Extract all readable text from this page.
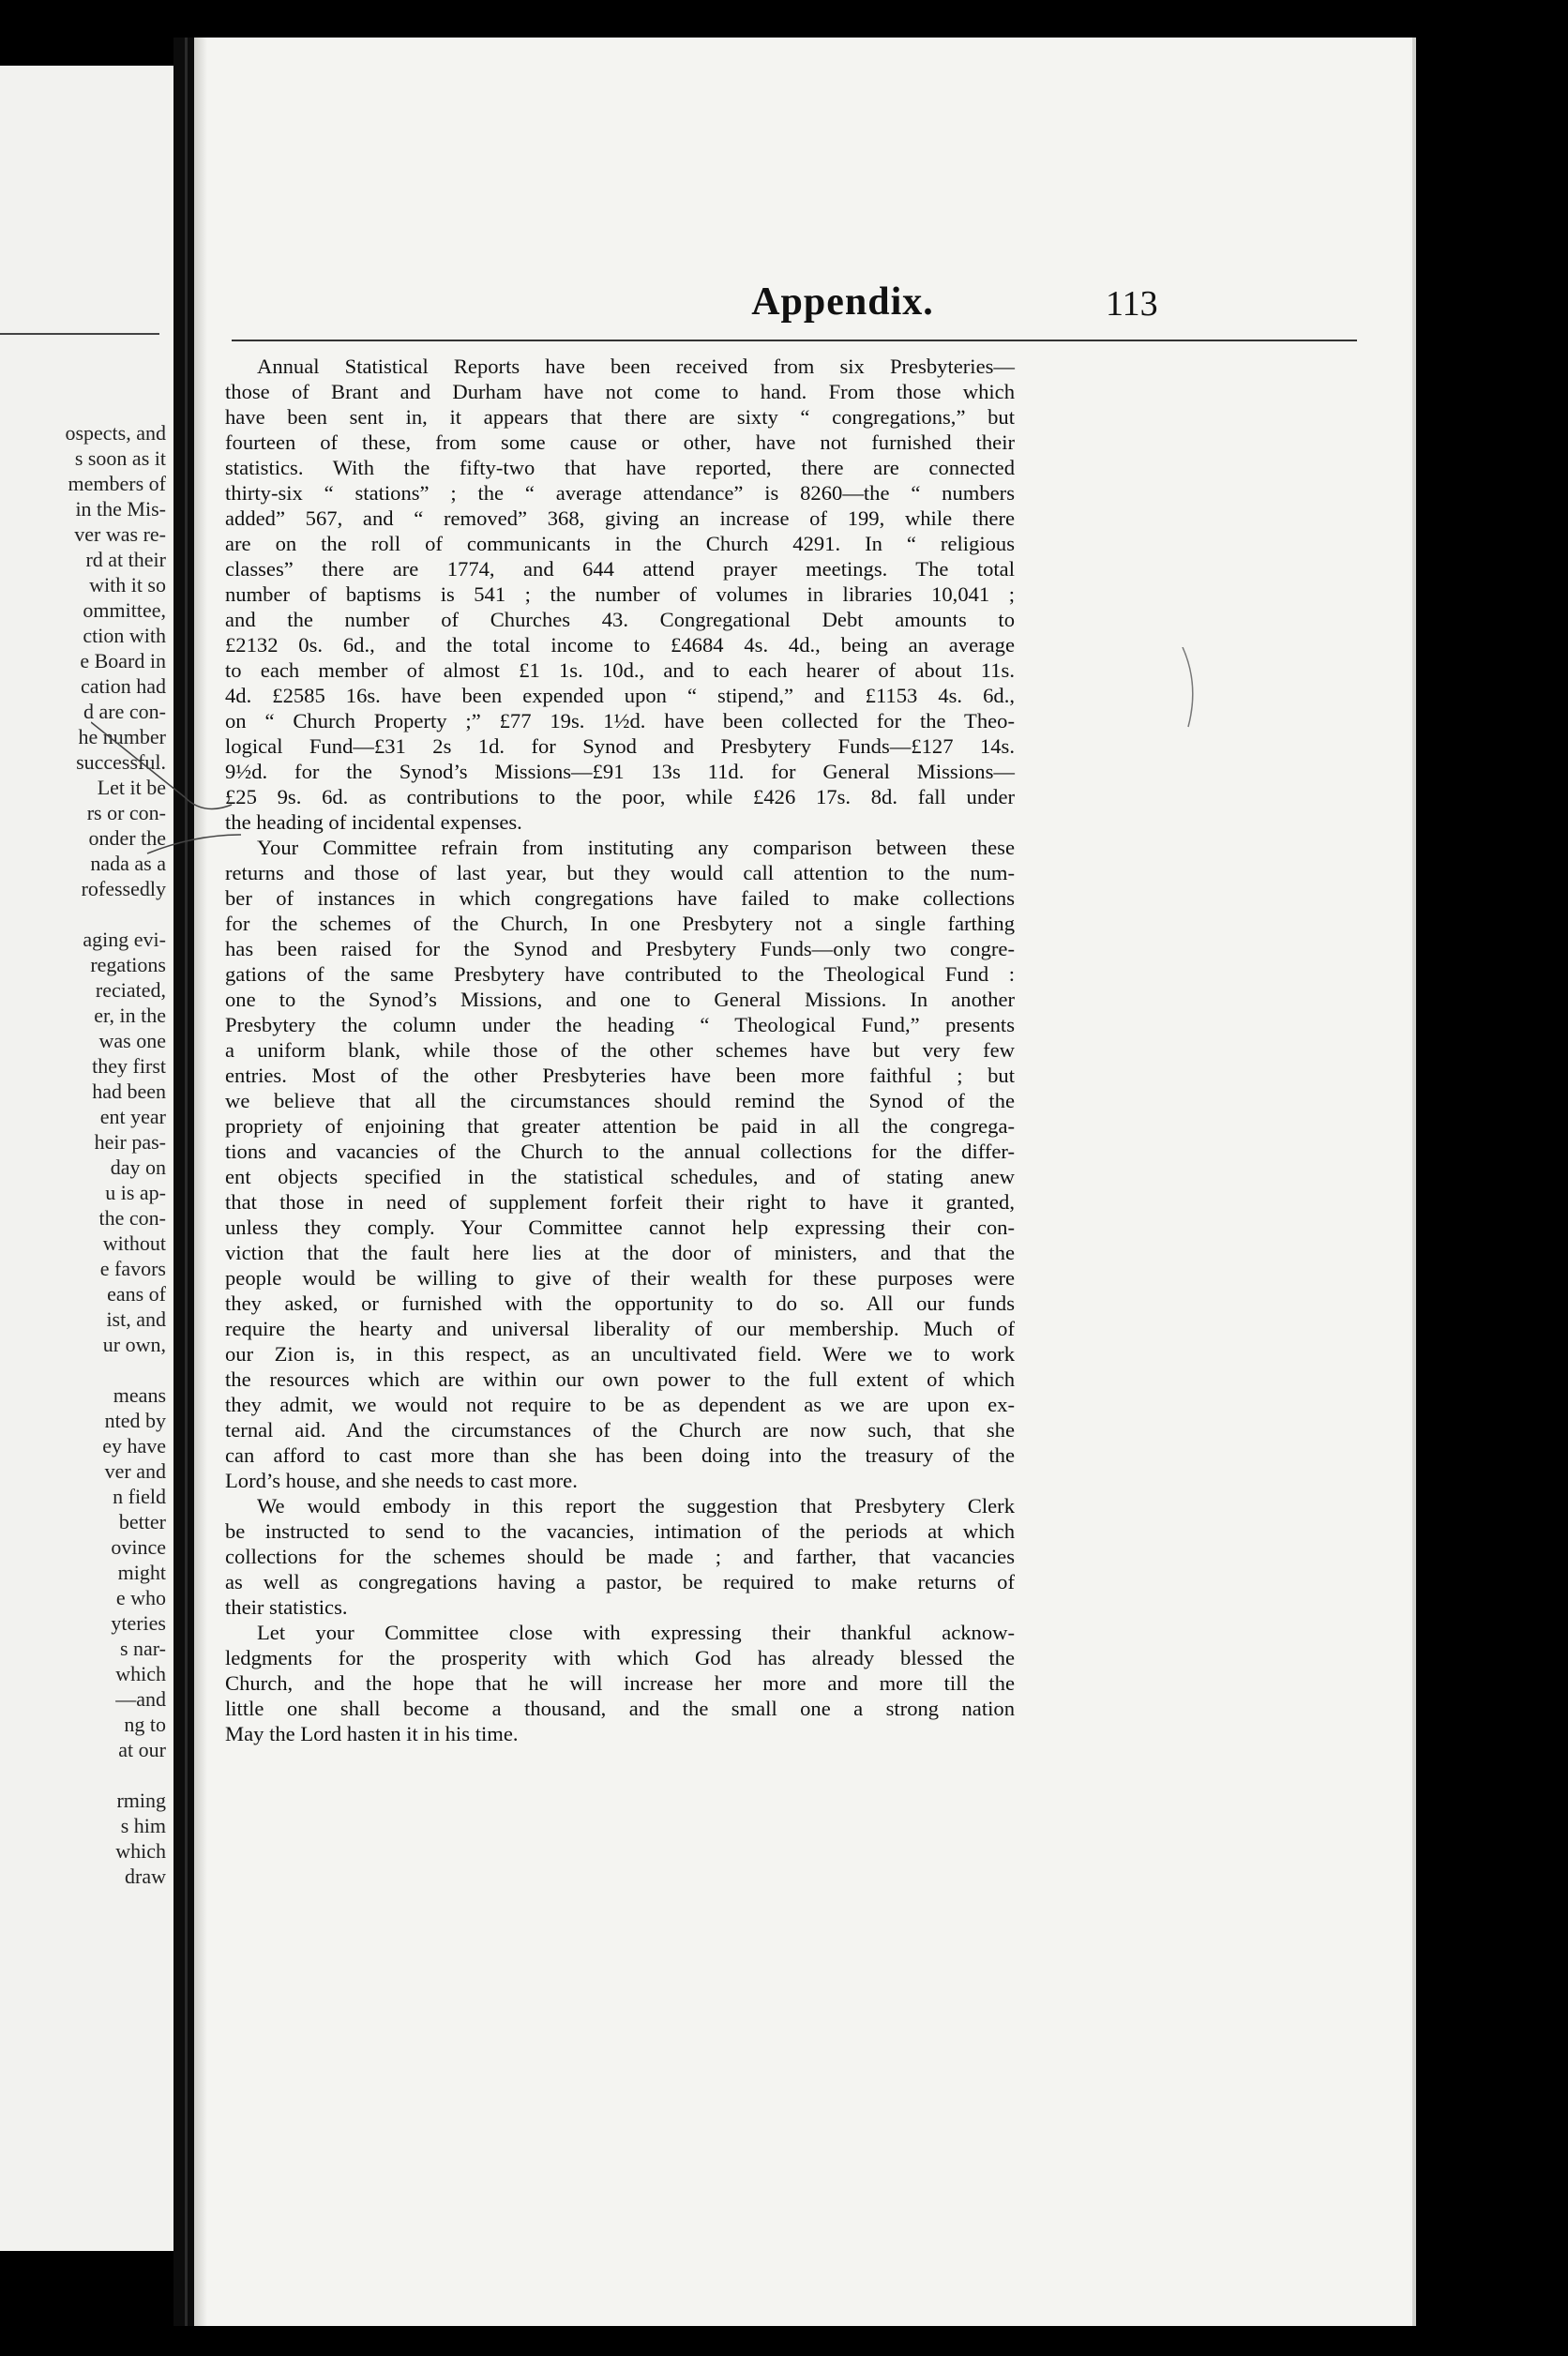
ospects, and
s soon as it
members of
in the Mis-
ver was re-
rd at their
with it so
ommittee,
ction with
e Board in
cation had
d are con-
he number
successful.
Let it be
rs or con-
onder the
nada as a
rofessedly
aging evi-
regations
reciated,
er, in the
was one
they first
had been
ent year
heir pas-
day on
u is ap-
the con-
without
e favors
eans of
ist, and
ur own,
means
nted by
ey have
ver and
n field
better
ovince
might
e who
yteries
s nar-
which
—and
ng to
at our
rming
s him
which
draw
Appendix.	113
Annual Statistical Reports have been received from six Presbyteries—
those of Brant and Durham have not come to hand. From those which
have been sent in, it appears that there are sixty “ congregations,” but
fourteen of these, from some cause or other, have not furnished their
statistics. With the fifty-two that have reported, there are connected
thirty-six “ stations” ; the “ average attendance” is 8260—the “ numbers
added” 567, and “ removed” 368, giving an increase of 199, while there
are on the roll of communicants in the Church 4291. In “ religious
classes” there are 1774, and 644 attend prayer meetings. The total
number of baptisms is 541 ; the number of volumes in libraries 10,041 ;
and the number of Churches 43. Congregational Debt amounts to
£2132 0s. 6d., and the total income to £4684 4s. 4d., being an average
to each member of almost £1 1s. 10d., and to each hearer of about 11s.
4d. £2585 16s. have been expended upon “ stipend,” and £1153 4s. 6d.,
on “ Church Property ;” £77 19s. 1½d. have been collected for the Theo-
logical Fund—£31 2s 1d. for Synod and Presbytery Funds—£127 14s.
9½d. for the Synod’s Missions—£91 13s 11d. for General Missions—
£25 9s. 6d. as contributions to the poor, while £426 17s. 8d. fall under
the heading of incidental expenses.
Your Committee refrain from instituting any comparison between these
returns and those of last year, but they would call attention to the num-
ber of instances in which congregations have failed to make collections
for the schemes of the Church, In one Presbytery not a single farthing
has been raised for the Synod and Presbytery Funds—only two congre-
gations of the same Presbytery have contributed to the Theological Fund :
one to the Synod’s Missions, and one to General Missions. In another
Presbytery the column under the heading “ Theological Fund,” presents
a uniform blank, while those of the other schemes have but very few
entries. Most of the other Presbyteries have been more faithful ; but
we believe that all the circumstances should remind the Synod of the
propriety of enjoining that greater attention be paid in all the congrega-
tions and vacancies of the Church to the annual collections for the differ-
ent objects specified in the statistical schedules, and of stating anew
that those in need of supplement forfeit their right to have it granted,
unless they comply. Your Committee cannot help expressing their con-
viction that the fault here lies at the door of ministers, and that the
people would be willing to give of their wealth for these purposes were
they asked, or furnished with the opportunity to do so. All our funds
require the hearty and universal liberality of our membership. Much of
our Zion is, in this respect, as an uncultivated field. Were we to work
the resources which are within our own power to the full extent of which
they admit, we would not require to be as dependent as we are upon ex-
ternal aid. And the circumstances of the Church are now such, that she
can afford to cast more than she has been doing into the treasury of the
Lord’s house, and she needs to cast more.
We would embody in this report the suggestion that Presbytery Clerk
be instructed to send to the vacancies, intimation of the periods at which
collections for the schemes should be made ; and farther, that vacancies
as well as congregations having a pastor, be required to make returns of
their statistics.
Let your Committee close with expressing their thankful acknow-
ledgments for the prosperity with which God has already blessed the
Church, and the hope that he will increase her more and more till the
little one shall become a thousand, and the small one a strong nation
May the Lord hasten it in his time.
